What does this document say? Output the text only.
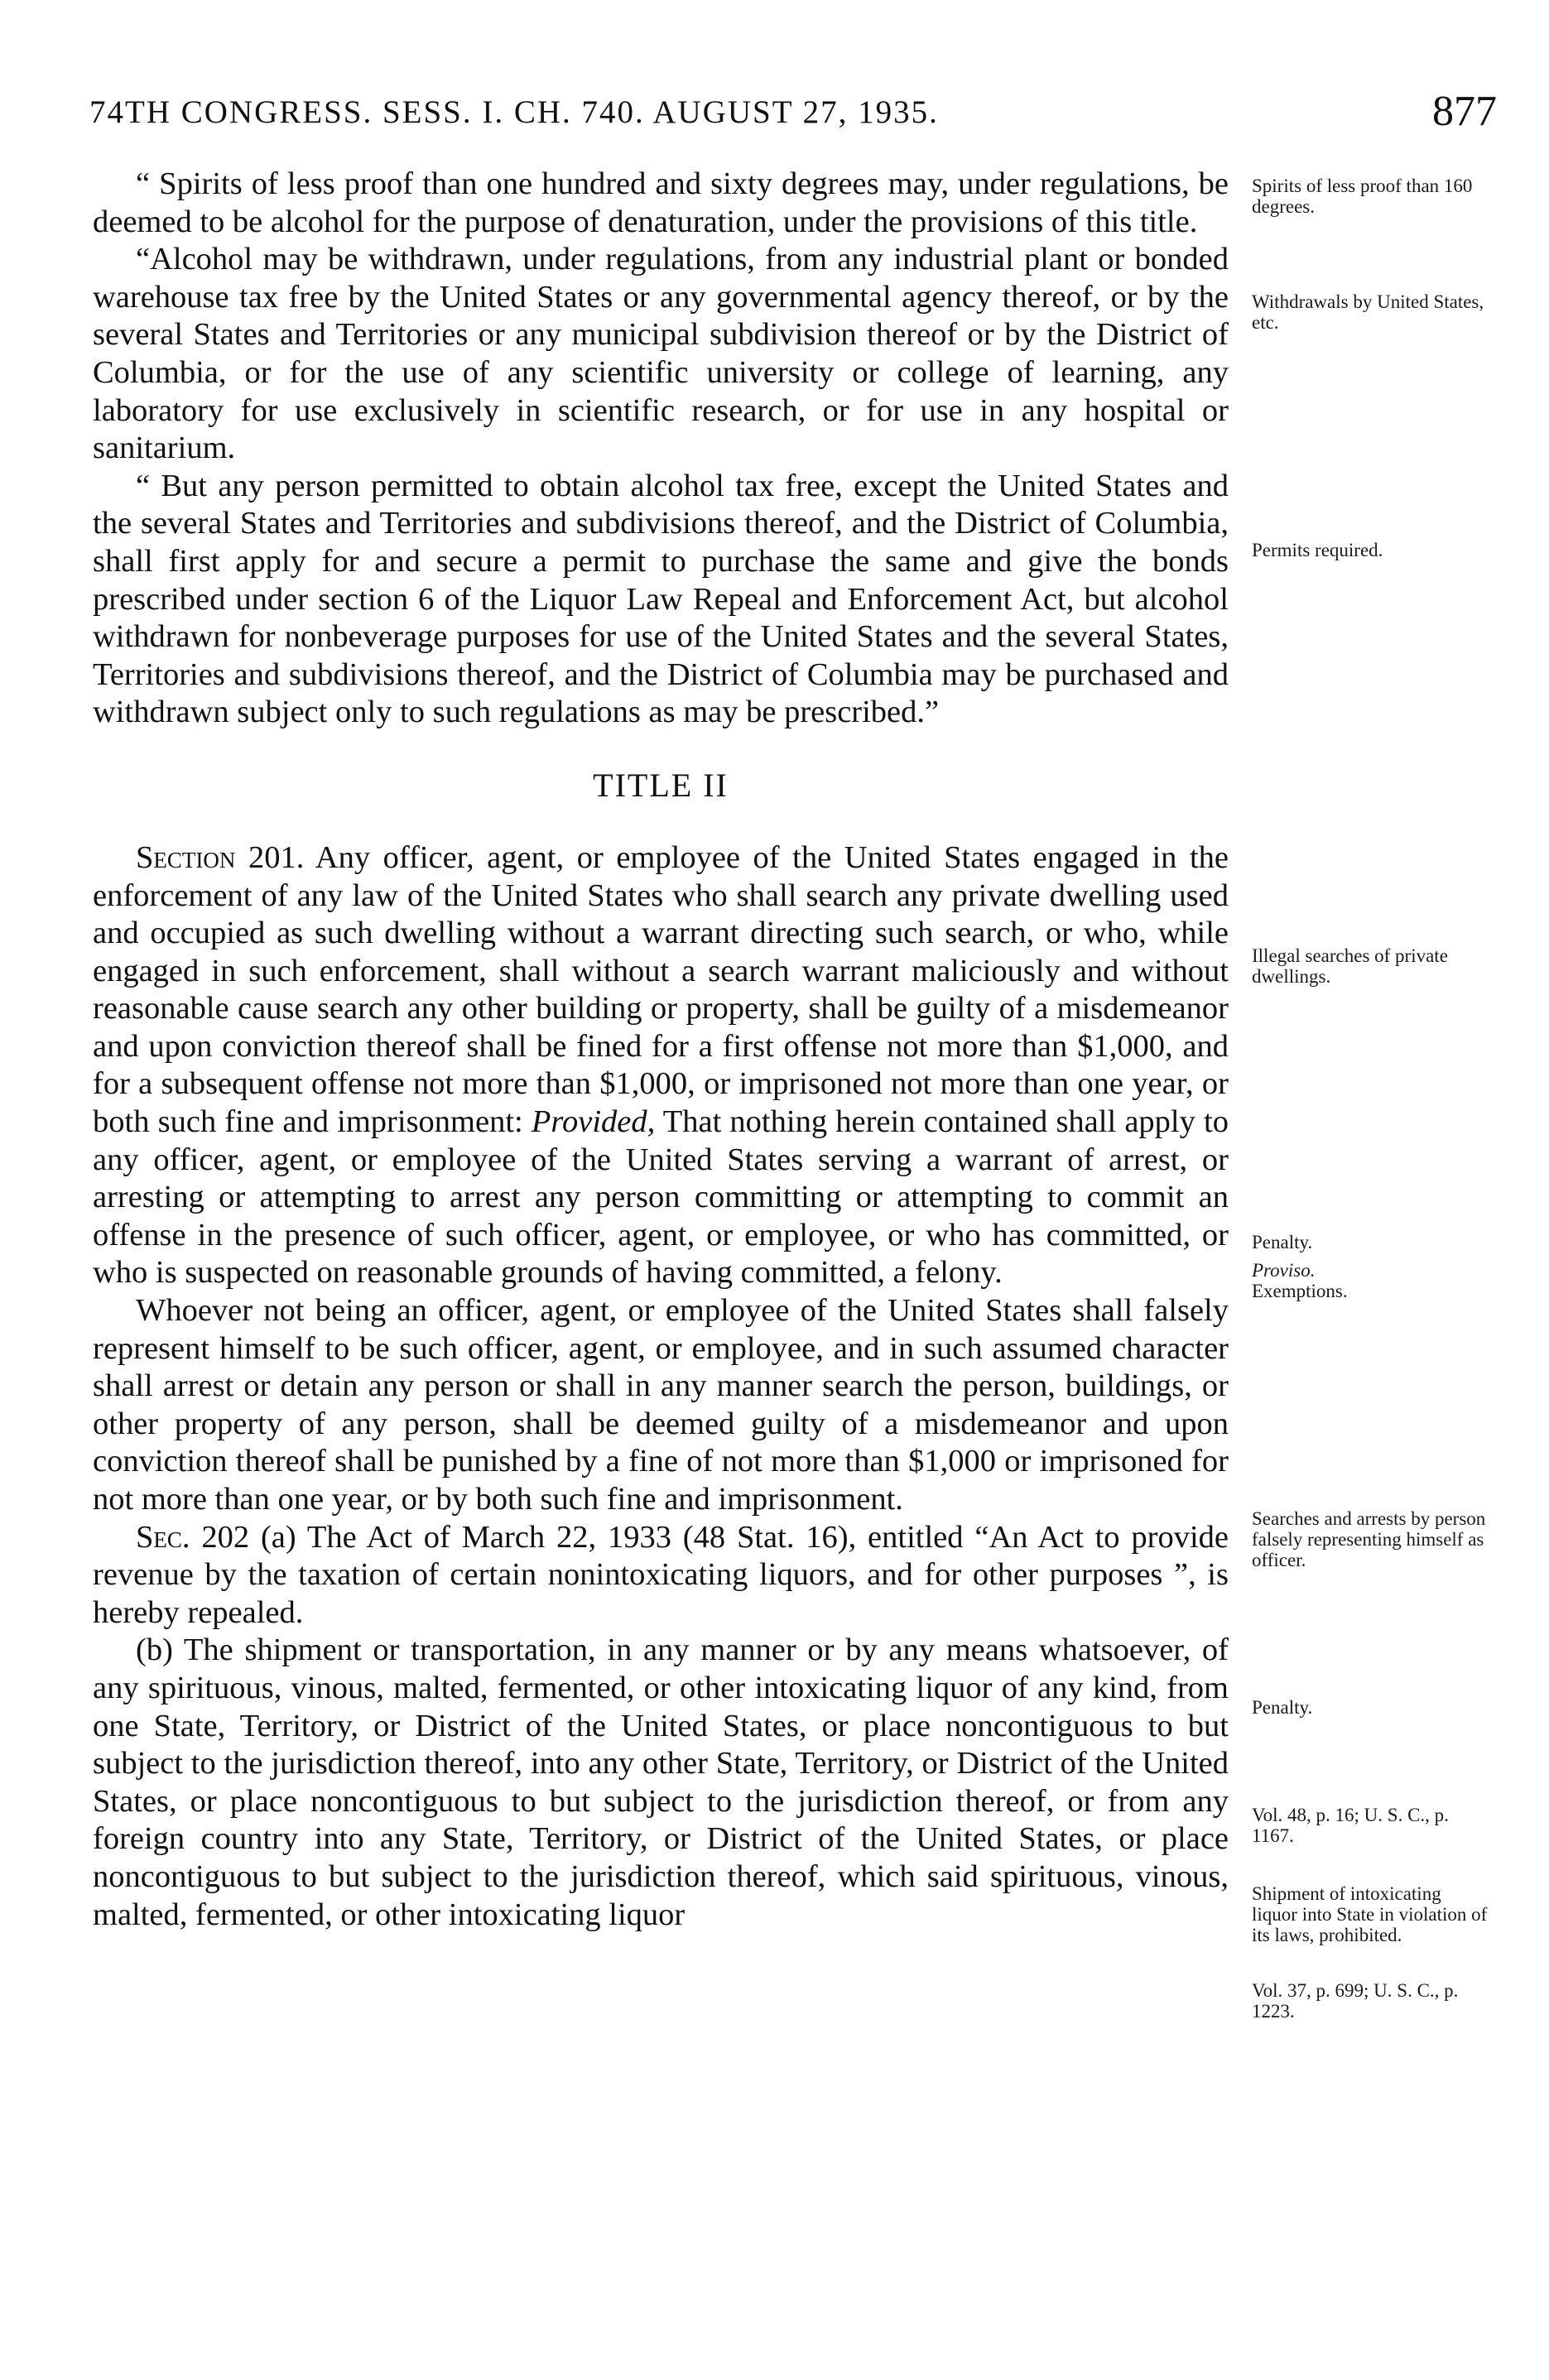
74TH CONGRESS. SESS. I. CH. 740. AUGUST 27, 1935.	877

“ Spirits of less proof than one hundred and sixty degrees may, under regulations, be deemed to be alcohol for the purpose of denaturation, under the provisions of this title.

“Alcohol may be withdrawn, under regulations, from any industrial plant or bonded warehouse tax free by the United States or any governmental agency thereof, or by the several States and Territories or any municipal subdivision thereof or by the District of Columbia, or for the use of any scientific university or college of learning, any laboratory for use exclusively in scientific research, or for use in any hospital or sanitarium.

“ But any person permitted to obtain alcohol tax free, except the United States and the several States and Territories and subdivisions thereof, and the District of Columbia, shall first apply for and secure a permit to purchase the same and give the bonds prescribed under section 6 of the Liquor Law Repeal and Enforcement Act, but alcohol withdrawn for nonbeverage purposes for use of the United States and the several States, Territories and subdivisions thereof, and the District of Columbia may be purchased and withdrawn subject only to such regulations as may be prescribed.”

TITLE II

Section 201. Any officer, agent, or employee of the United States engaged in the enforcement of any law of the United States who shall search any private dwelling used and occupied as such dwelling without a warrant directing such search, or who, while engaged in such enforcement, shall without a search warrant maliciously and without reasonable cause search any other building or property, shall be guilty of a misdemeanor and upon conviction thereof shall be fined for a first offense not more than $1,000, and for a subsequent offense not more than $1,000, or imprisoned not more than one year, or both such fine and imprisonment: Provided, That nothing herein contained shall apply to any officer, agent, or employee of the United States serving a warrant of arrest, or arresting or attempting to arrest any person committing or attempting to commit an offense in the presence of such officer, agent, or employee, or who has committed, or who is suspected on reasonable grounds of having committed, a felony.

Whoever not being an officer, agent, or employee of the United States shall falsely represent himself to be such officer, agent, or employee, and in such assumed character shall arrest or detain any person or shall in any manner search the person, buildings, or other property of any person, shall be deemed guilty of a misdemeanor and upon conviction thereof shall be punished by a fine of not more than $1,000 or imprisoned for not more than one year, or by both such fine and imprisonment.

Sec. 202 (a) The Act of March 22, 1933 (48 Stat. 16), entitled “An Act to provide revenue by the taxation of certain nonintoxicating liquors, and for other purposes ”, is hereby repealed.

(b) The shipment or transportation, in any manner or by any means whatsoever, of any spirituous, vinous, malted, fermented, or other intoxicating liquor of any kind, from one State, Territory, or District of the United States, or place noncontiguous to but subject to the jurisdiction thereof, into any other State, Territory, or District of the United States, or place noncontiguous to but subject to the jurisdiction thereof, or from any foreign country into any State, Territory, or District of the United States, or place noncontiguous to but subject to the jurisdiction thereof, which said spirituous, vinous, malted, fermented, or other intoxicating liquor

Spirits of less proof than 160 degrees.
Withdrawals by United States, etc.
Permits required.
Illegal searches of private dwellings.
Penalty.
Proviso.
Exemptions.
Searches and arrests by person falsely representing himself as officer.
Penalty.
Vol. 48, p. 16; U. S. C., p. 1167.
Shipment of intoxicating liquor into State in violation of its laws, prohibited.
Vol. 37, p. 699; U. S. C., p. 1223.
